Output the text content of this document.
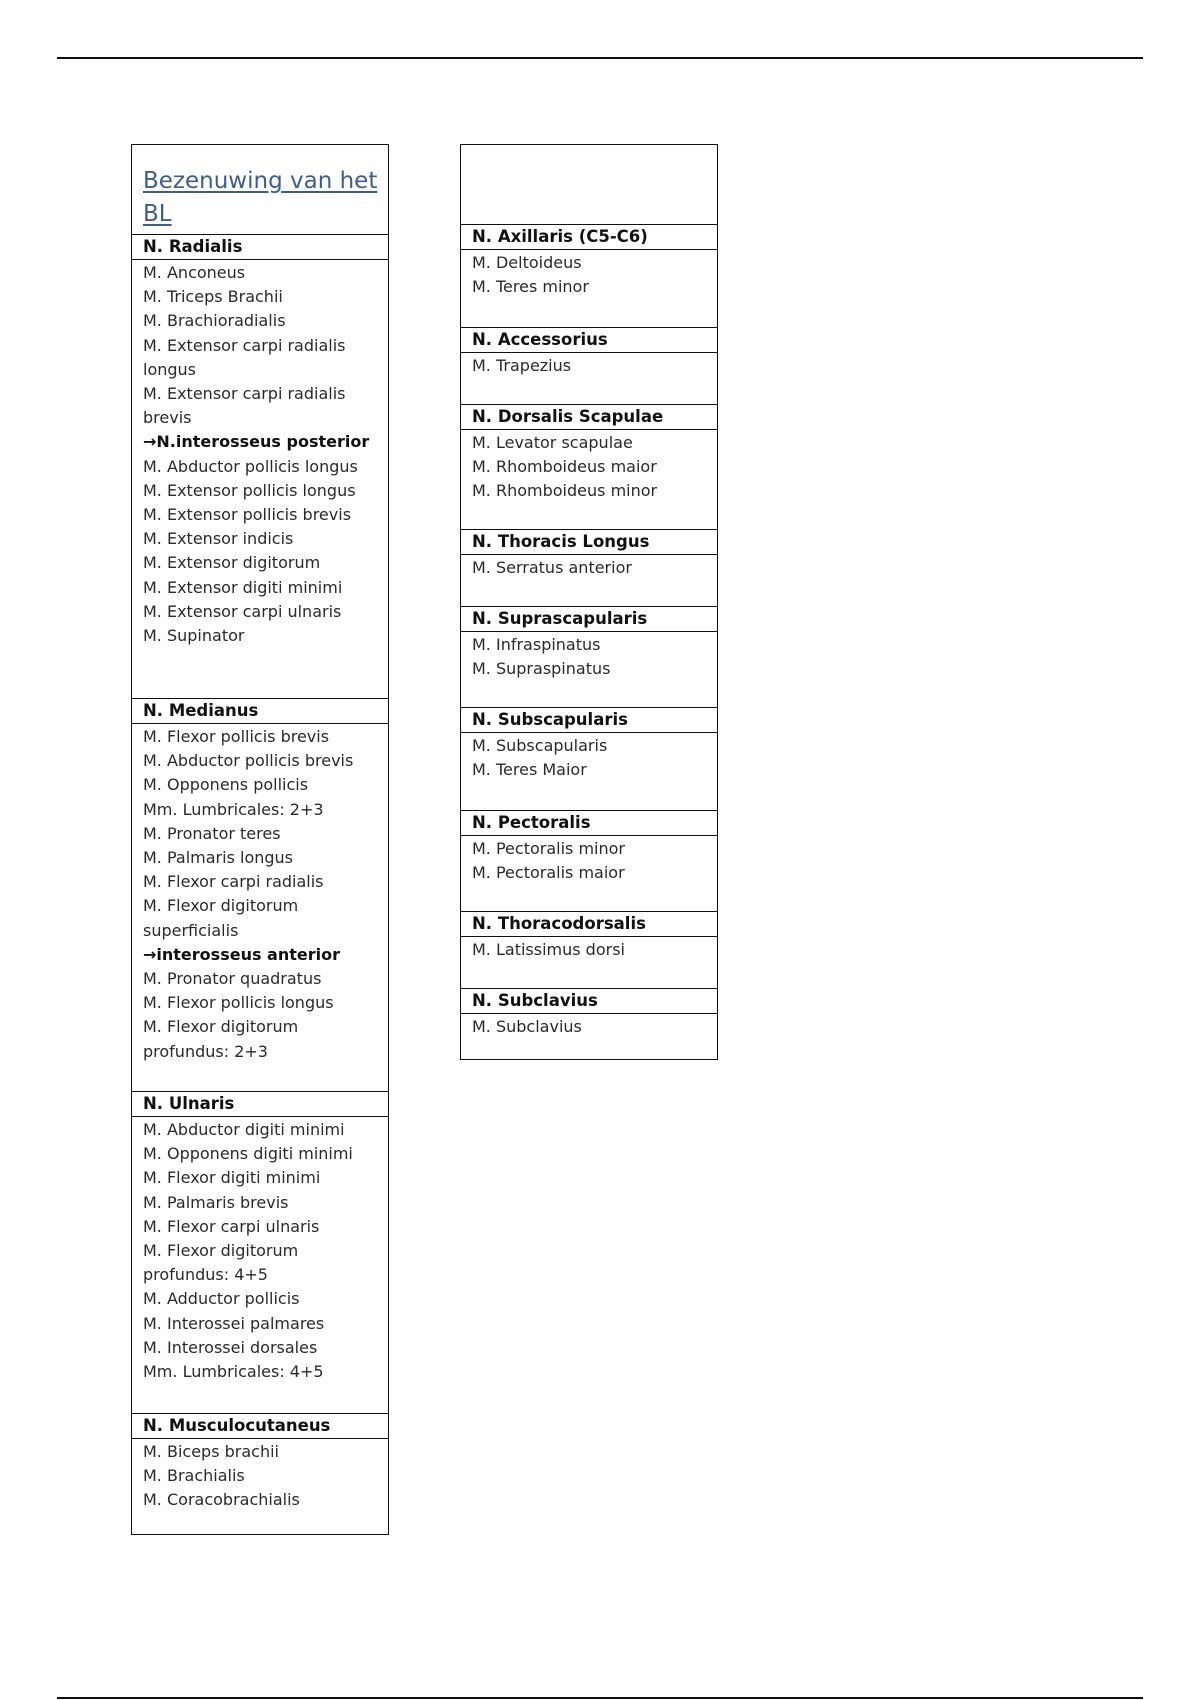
Bezenuwing van het BL
N. Radialis
M. Anconeus
M. Triceps Brachii
M. Brachioradialis
M. Extensor carpi radialis longus
M. Extensor carpi radialis brevis
→N.interosseus posterior
M. Abductor pollicis longus
M. Extensor pollicis longus
M. Extensor pollicis brevis
M. Extensor indicis
M. Extensor digitorum
M. Extensor digiti minimi
M. Extensor carpi ulnaris
M. Supinator
N. Medianus
M. Flexor pollicis brevis
M. Abductor pollicis brevis
M. Opponens pollicis
Mm. Lumbricales: 2+3
M. Pronator teres
M. Palmaris longus
M. Flexor carpi radialis
M. Flexor digitorum superficialis
→interosseus anterior
M. Pronator quadratus
M. Flexor pollicis longus
M. Flexor digitorum profundus: 2+3
N. Ulnaris
M. Abductor digiti minimi
M. Opponens digiti minimi
M. Flexor digiti minimi
M. Palmaris brevis
M. Flexor carpi ulnaris
M. Flexor digitorum profundus: 4+5
M. Adductor pollicis
M. Interossei palmares
M. Interossei dorsales
Mm. Lumbricales: 4+5
N. Musculocutaneus
M. Biceps brachii
M. Brachialis
M. Coracobrachialis
N. Axillaris (C5-C6)
M. Deltoideus
M. Teres minor
N. Accessorius
M. Trapezius
N. Dorsalis Scapulae
M. Levator scapulae
M. Rhomboideus maior
M. Rhomboideus minor
N. Thoracis Longus
M. Serratus anterior
N. Suprascapularis
M. Infraspinatus
M. Supraspinatus
N. Subscapularis
M. Subscapularis
M. Teres Maior
N. Pectoralis
M. Pectoralis minor
M. Pectoralis maior
N. Thoracodorsalis
M. Latissimus dorsi
N. Subclavius
M. Subclavius
